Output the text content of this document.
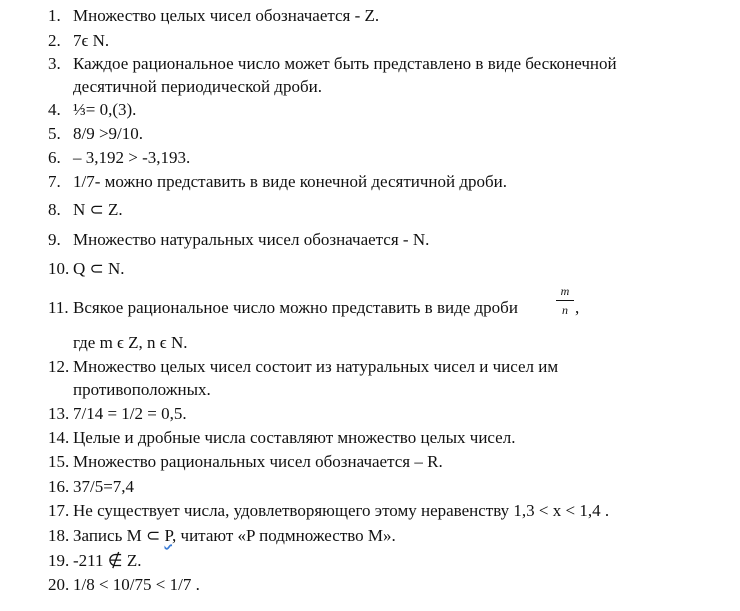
1. Множество целых чисел обозначается - Z.
2. 7ϵ N.
3. Каждое рациональное число может быть представлено в виде бесконечной
десятичной периодической дроби.
4. ⅓= 0,(3).
5. 8/9 >9/10.
6. – 3,192 > -3,193.
7. 1/7- можно представить в виде конечной десятичной дроби.
8. N ⊂ Z.
9. Множество натуральных чисел обозначается - N.
10. Q ⊂ N.
11. Всякое рациональное число можно представить в виде дроби
m
n ,
где m ϵ Z, n ϵ N.
12. Множество целых чисел состоит из натуральных чисел и чисел им
противоположных.
13. 7/14 = 1/2 = 0,5.
14. Целые и дробные числа составляют множество целых чисел.
15. Множество рациональных чисел обозначается – R.
16. 37/5=7,4
17. Не существует числа, удовлетворяющего этому неравенству 1,3 < x < 1,4 .
18. Запись M ⊂ P, читают «P подмножество M».
19. -211 ∉ Z.
20. 1/8 < 10/75 < 1/7 .
